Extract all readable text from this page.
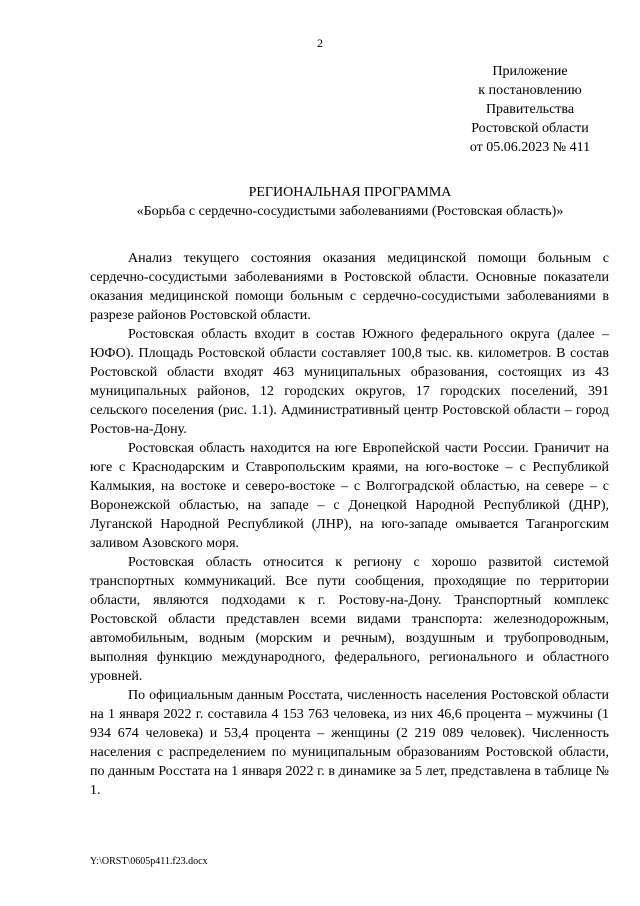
2
Приложение
к постановлению
Правительства
Ростовской области
от 05.06.2023 № 411
РЕГИОНАЛЬНАЯ ПРОГРАММА
«Борьба с сердечно-сосудистыми заболеваниями (Ростовская область)»

Анализ текущего состояния оказания медицинской помощи больным с сердечно-сосудистыми заболеваниями в Ростовской области. Основные показатели оказания медицинской помощи больным с сердечно-сосудистыми заболеваниями в разрезе районов Ростовской области.

Ростовская область входит в состав Южного федерального округа (далее – ЮФО). Площадь Ростовской области составляет 100,8 тыс. кв. километров. В состав Ростовской области входят 463 муниципальных образования, состоящих из 43 муниципальных районов, 12 городских округов, 17 городских поселений, 391 сельского поселения (рис. 1.1). Административный центр Ростовской области – город Ростов-на-Дону.

Ростовская область находится на юге Европейской части России. Граничит на юге с Краснодарским и Ставропольским краями, на юго-востоке – с Республикой Калмыкия, на востоке и северо-востоке – с Волгоградской областью, на севере – с Воронежской областью, на западе – с Донецкой Народной Республикой (ДНР), Луганской Народной Республикой (ЛНР), на юго-западе омывается Таганрогским заливом Азовского моря.

Ростовская область относится к региону с хорошо развитой системой транспортных коммуникаций. Все пути сообщения, проходящие по территории области, являются подходами к г. Ростову-на-Дону. Транспортный комплекс Ростовской области представлен всеми видами транспорта: железнодорожным, автомобильным, водным (морским и речным), воздушным и трубопроводным, выполняя функцию международного, федерального, регионального и областного уровней.

По официальным данным Росстата, численность населения Ростовской области на 1 января 2022 г. составила 4 153 763 человека, из них 46,6 процента – мужчины (1 934 674 человека) и 53,4 процента – женщины (2 219 089 человек). Численность населения с распределением по муниципальным образованиям Ростовской области, по данным Росстата на 1 января 2022 г. в динамике за 5 лет, представлена в таблице № 1.

Y:\ORST\0605p411.f23.docx
